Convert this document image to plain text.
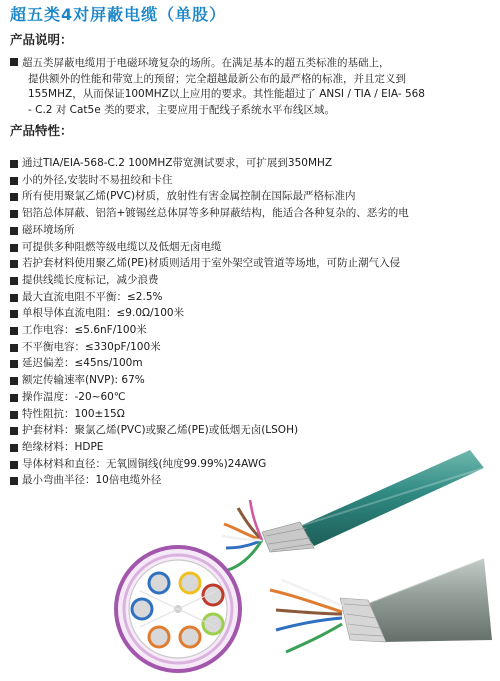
超五类4对屏蔽电缆（单股）
产品说明：
超五类屏蔽电缆用于电磁环境复杂的场所。在满足基本的超五类标准的基础上，
提供额外的性能和带宽上的预留；完全超越最新公布的最严格的标准，并且定义到
155MHZ，从而保证100MHZ以上应用的要求。其性能超过了 ANSI / TIA / EIA- 568
- C.2 对 Cat5e 类的要求，主要应用于配线子系统水平布线区域。
产品特性：
通过TIA/EIA-568-C.2 100MHZ带宽测试要求，可扩展到350MHZ
小的外径,安装时不易扭绞和卡住
所有使用聚氯乙烯(PVC)材质，放射性有害金属控制在国际最严格标准内
铝箔总体屏蔽、铝箔+镀锡丝总体屏等多种屏蔽结构，能适合各种复杂的、恶劣的电
磁环境场所
可提供多种阻燃等级电缆以及低烟无卤电缆
若护套材料使用聚乙烯(PE)材质则适用于室外架空或管道等场地，可防止潮气入侵
提供线缆长度标记，减少浪费
最大直流电阻不平衡：≤2.5%
单根导体直流电阻：≤9.0Ω/100米
工作电容：≤5.6nF/100米
不平衡电容：≤330pF/100米
延迟偏差：≤45ns/100m
额定传输速率(NVP): 67%
操作温度：-20~60℃
特性阻抗：100±15Ω
护套材料：聚氯乙烯(PVC)或聚乙烯(PE)或低烟无卤(LSOH)
绝缘材料：HDPE
导体材料和直径：无氧圆铜线(纯度99.99%)24AWG
最小弯曲半径：10倍电缆外径
